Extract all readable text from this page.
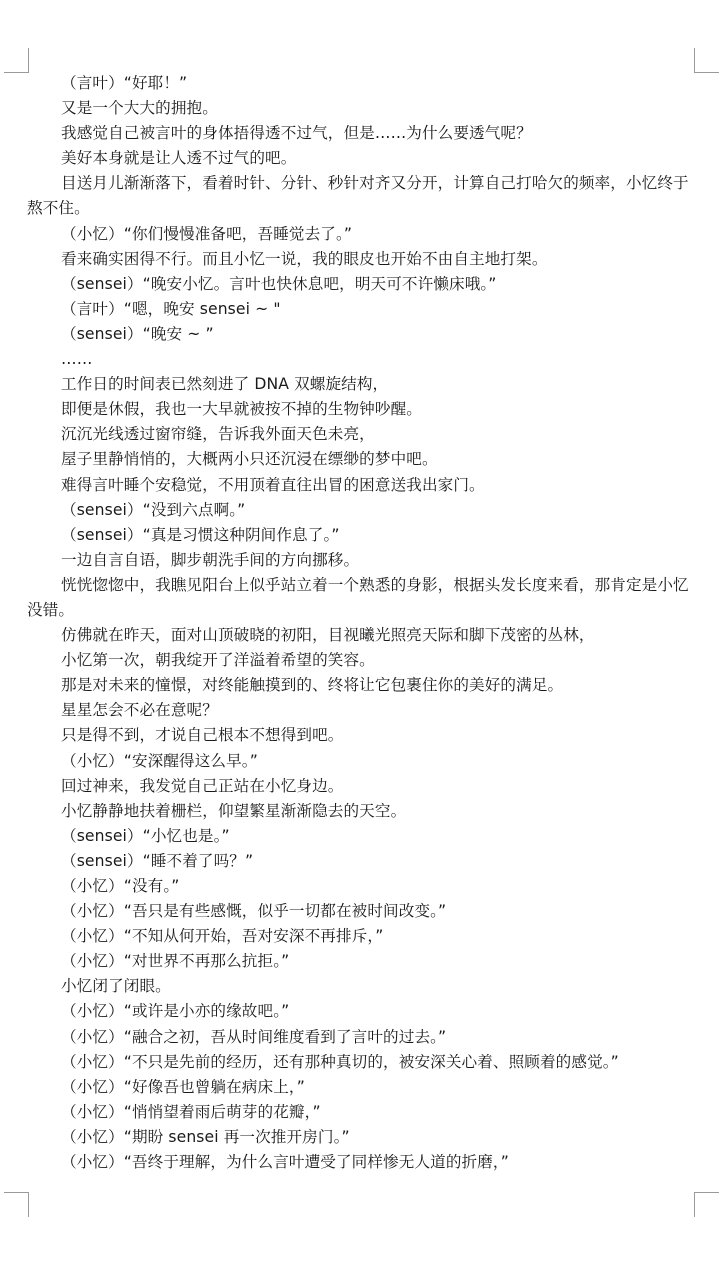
（言叶）“好耶！”

又是一个大大的拥抱。

我感觉自己被言叶的身体捂得透不过气，但是……为什么要透气呢？

美好本身就是让人透不过气的吧。

目送月儿渐渐落下，看着时针、分针、秒针对齐又分开，计算自己打哈欠的频率，小忆终于熬不住。

（小忆）“你们慢慢准备吧，吾睡觉去了。”

看来确实困得不行。而且小忆一说，我的眼皮也开始不由自主地打架。

（sensei）“晚安小忆。言叶也快休息吧，明天可不许懒床哦。”

（言叶）“嗯，晚安 sensei ~ "

（sensei）“晚安 ~ ”

……

工作日的时间表已然刻进了 DNA 双螺旋结构，

即便是休假，我也一大早就被按不掉的生物钟吵醒。

沉沉光线透过窗帘缝，告诉我外面天色未亮，

屋子里静悄悄的，大概两小只还沉浸在缥缈的梦中吧。

难得言叶睡个安稳觉，不用顶着直往出冒的困意送我出家门。

（sensei）“没到六点啊。”

（sensei）“真是习惯这种阴间作息了。”

一边自言自语，脚步朝洗手间的方向挪移。

恍恍惚惚中，我瞧见阳台上似乎站立着一个熟悉的身影，根据头发长度来看，那肯定是小忆没错。

仿佛就在昨天，面对山顶破晓的初阳，目视曦光照亮天际和脚下茂密的丛林，

小忆第一次，朝我绽开了洋溢着希望的笑容。

那是对未来的憧憬，对终能触摸到的、终将让它包裹住你的美好的满足。

星星怎会不必在意呢？

只是得不到，才说自己根本不想得到吧。

（小忆）“安深醒得这么早。”

回过神来，我发觉自己正站在小忆身边。

小忆静静地扶着栅栏，仰望繁星渐渐隐去的天空。

（sensei）“小忆也是。”

（sensei）“睡不着了吗？”

（小忆）“没有。”

（小忆）“吾只是有些感慨，似乎一切都在被时间改变。”

（小忆）“不知从何开始，吾对安深不再排斥，”

（小忆）“对世界不再那么抗拒。”

小忆闭了闭眼。

（小忆）“或许是小亦的缘故吧。”

（小忆）“融合之初，吾从时间维度看到了言叶的过去。”

（小忆）“不只是先前的经历，还有那种真切的，被安深关心着、照顾着的感觉。”

（小忆）“好像吾也曾躺在病床上，”

（小忆）“悄悄望着雨后萌芽的花瓣，”

（小忆）“期盼 sensei 再一次推开房门。”

（小忆）“吾终于理解，为什么言叶遭受了同样惨无人道的折磨，”
